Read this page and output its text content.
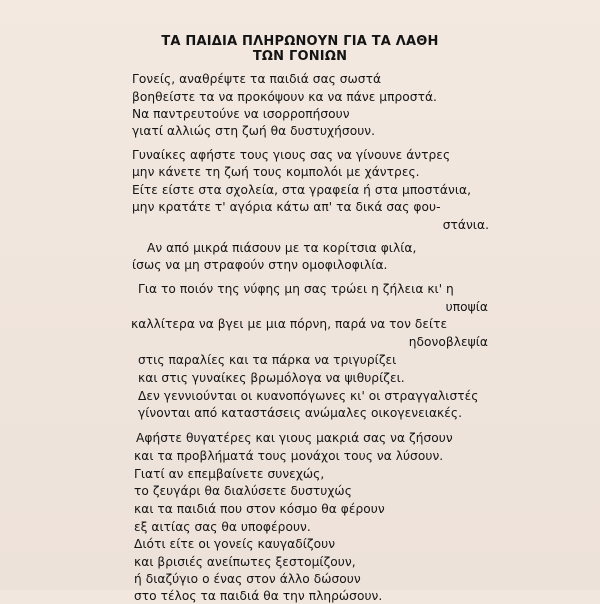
ΤΑ ΠΑΙΔΙΑ ΠΛΗΡΩΝΟΥΝ ΓΙΑ ΤΑ ΛΑΘΗ
ΤΩΝ ΓΟΝΙΩΝ
Γονείς, αναθρέψτε τα παιδιά σας σωστά
βοηθείστε τα να προκόψουν κα να πάνε μπροστά.
Να παντρευτούνε να ισορροπήσουν
γιατί αλλιώς στη ζωή θα δυστυχήσουν.
Γυναίκες αφήστε τους γιους σας να γίνουνε άντρες
μην κάνετε τη ζωή τους κομπολόι με χάντρες.
Είτε είστε στα σχολεία, στα γραφεία ή στα μποστάνια,
μην κρατάτε τ' αγόρια κάτω απ' τα δικά σας φου-
στάνια.
Αν από μικρά πιάσουν με τα κορίτσια φιλία,
ίσως να μη στραφούν στην ομοφιλοφιλία.
Για το ποιόν της νύφης μη σας τρώει η ζήλεια κι' η
υποψία
καλλίτερα να βγει με μια πόρνη, παρά να τον δείτε
ηδονοβλεψία
στις παραλίες και τα πάρκα να τριγυρίζει
και στις γυναίκες βρωμόλογα να ψιθυρίζει.
Δεν γεννιούνται οι κυανοπόγωνες κι' οι στραγγαλιστές
γίνονται από καταστάσεις ανώμαλες οικογενειακές.
Αφήστε θυγατέρες και γιους μακριά σας να ζήσουν
και τα προβλήματά τους μονάχοι τους να λύσουν.
Γιατί αν επεμβαίνετε συνεχώς,
το ζευγάρι θα διαλύσετε δυστυχώς
και τα παιδιά που στον κόσμο θα φέρουν
εξ αιτίας σας θα υποφέρουν.
Διότι είτε οι γονείς καυγαδίζουν
και βρισιές ανείπωτες ξεστομίζουν,
ή διαζύγιο ο ένας στον άλλο δώσουν
στο τέλος τα παιδιά θα την πληρώσουν.
